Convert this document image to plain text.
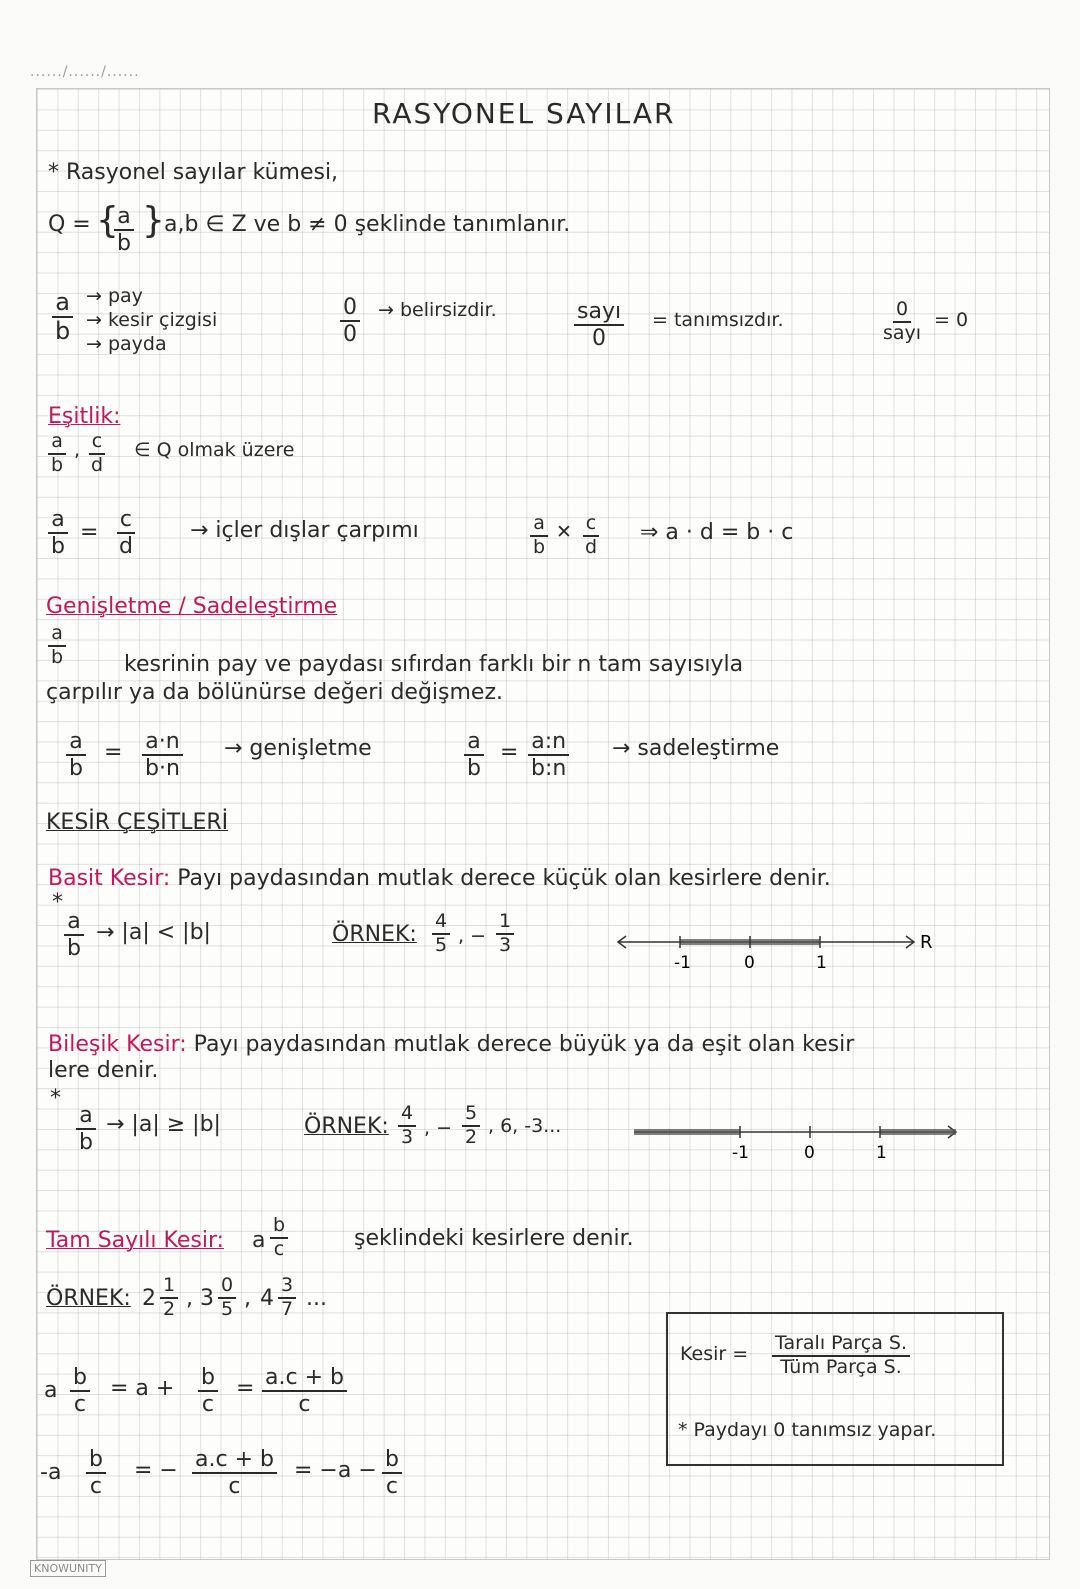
....../....../......
RASYONEL SAYILAR
* Rasyonel sayılar kümesi,
Q = {
$\frac{a}{b}$ } a,b ∈ Z ve b ≠ 0 şeklinde tanımlanır.
$\frac{a}{b}$ → pay
→ kesir çizgisi
→ payda	$\frac{0}{0}$ → belirsizdir.	sayı
0
= tanımsızdır.	0
sayı
= 0
Eşitlik:
$\frac{a}{b}$ , $\frac{c}{d}$ ∈ Q olmak üzere
$\frac{a}{b} = \frac{c}{d}$ → içler dışlar çarpımı	$\frac{a}{b}$ ✕ $\frac{c}{d}$ ⇒ a · d = b · c
Genişletme / Sadeleştirme
$\frac{a}{b}$	kesrinin pay ve paydası sıfırdan farklı bir n tam sayısıyla
çarpılır ya da bölünürse değeri değişmez.
$\frac{a}{b} = \frac{a\cdot n}{b\cdot n}$ → genişletme	$\frac{a}{b} = \frac{a:n}{b:n}$ → sadeleştirme
KESİR ÇEŞİTLERİ
Basit Kesir: Payı paydasından mutlak derece küçük olan kesirlere denir.
*
$\frac{a}{b} \to |a| < |b|$	ÖRNEK: $\frac{4}{5}$ , − $\frac{1}{3}$
-1	0	1
R
Bileşik Kesir: Payı paydasından mutlak derece büyük ya da eşit olan kesir
lere denir.
*
$\frac{a}{b} \to |a| \ge |b|$	ÖRNEK: $\frac{4}{3}$ , − $\frac{5}{2}$ , 6, -3...
-1	0	1
Tam Sayılı Kesir: a $\frac{b}{c}$	şeklindeki kesirlere denir.
ÖRNEK: $2 \frac{1}{2}$ , $3 \frac{0}{5}$ , $4 \frac{3}{7}$ ...
a $\frac{b}{c} = a + \frac{b}{c} = \frac{a.c + b}{c}$
$-a \frac{b}{c}$ = − $\frac{a.c + b}{c} = -a - \frac{b}{c}$
Kesir = Taralı Parça S.
Tüm Parça S.
* Paydayı 0 tanımsız yapar.
KNOWUNITY
